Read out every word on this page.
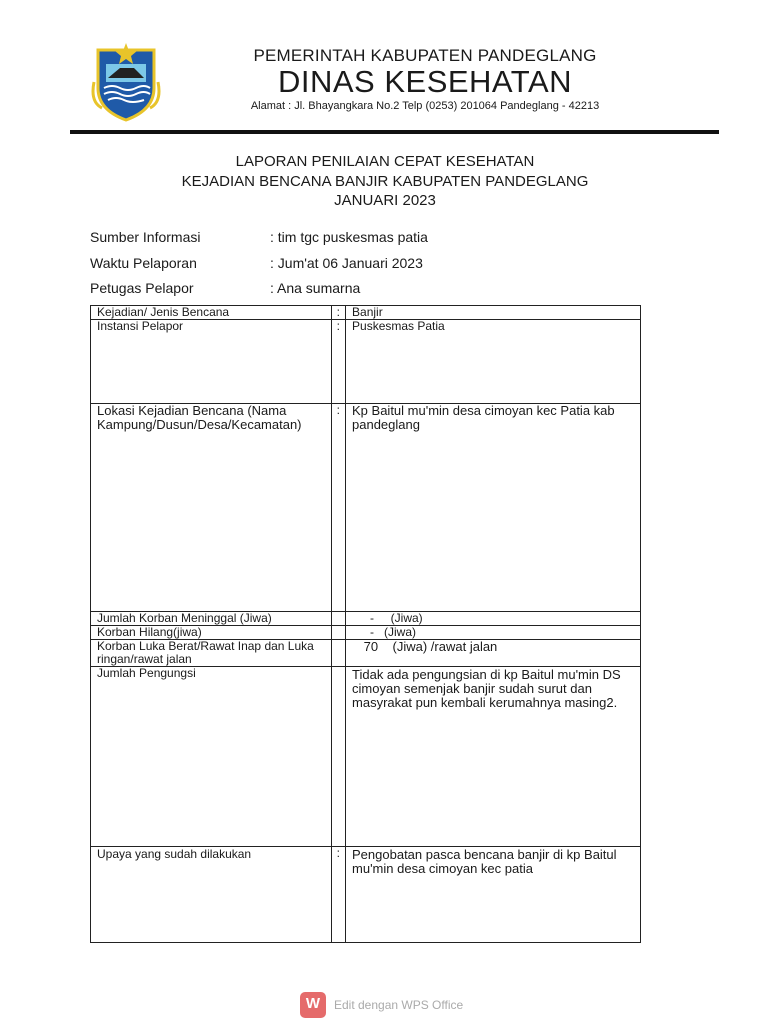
PEMERINTAH KABUPATEN PANDEGLANG
DINAS KESEHATAN
Alamat : Jl. Bhayangkara No.2 Telp (0253) 201064 Pandeglang - 42213
LAPORAN PENILAIAN CEPAT KESEHATAN
KEJADIAN BENCANA BANJIR KABUPATEN PANDEGLANG
JANUARI 2023
Sumber Informasi	: tim tgc puskesmas patia
Waktu Pelaporan	: Jum'at 06 Januari 2023
Petugas Pelapor	: Ana sumarna
Kejadian/ Jenis Bencana	:	Banjir
Instansi Pelapor	:	Puskesmas Patia
Lokasi Kejadian Bencana (Nama Kampung/Dusun/Desa/Kecamatan)	:	Kp Baitul mu'min desa cimoyan kec Patia kab pandeglang
Jumlah Korban Meninggal (Jiwa)		-     (Jiwa)
Korban Hilang(jiwa)		-   (Jiwa)
Korban Luka Berat/Rawat Inap dan Luka ringan/rawat jalan		70    (Jiwa) /rawat jalan
Jumlah Pengungsi		Tidak ada pengungsian di kp Baitul mu'min DS cimoyan semenjak banjir sudah surut dan masyrakat pun kembali kerumahnya masing2.
Upaya yang sudah dilakukan	:	Pengobatan pasca bencana banjir di kp Baitul mu'min desa cimoyan kec patia
W	Edit dengan WPS Office
